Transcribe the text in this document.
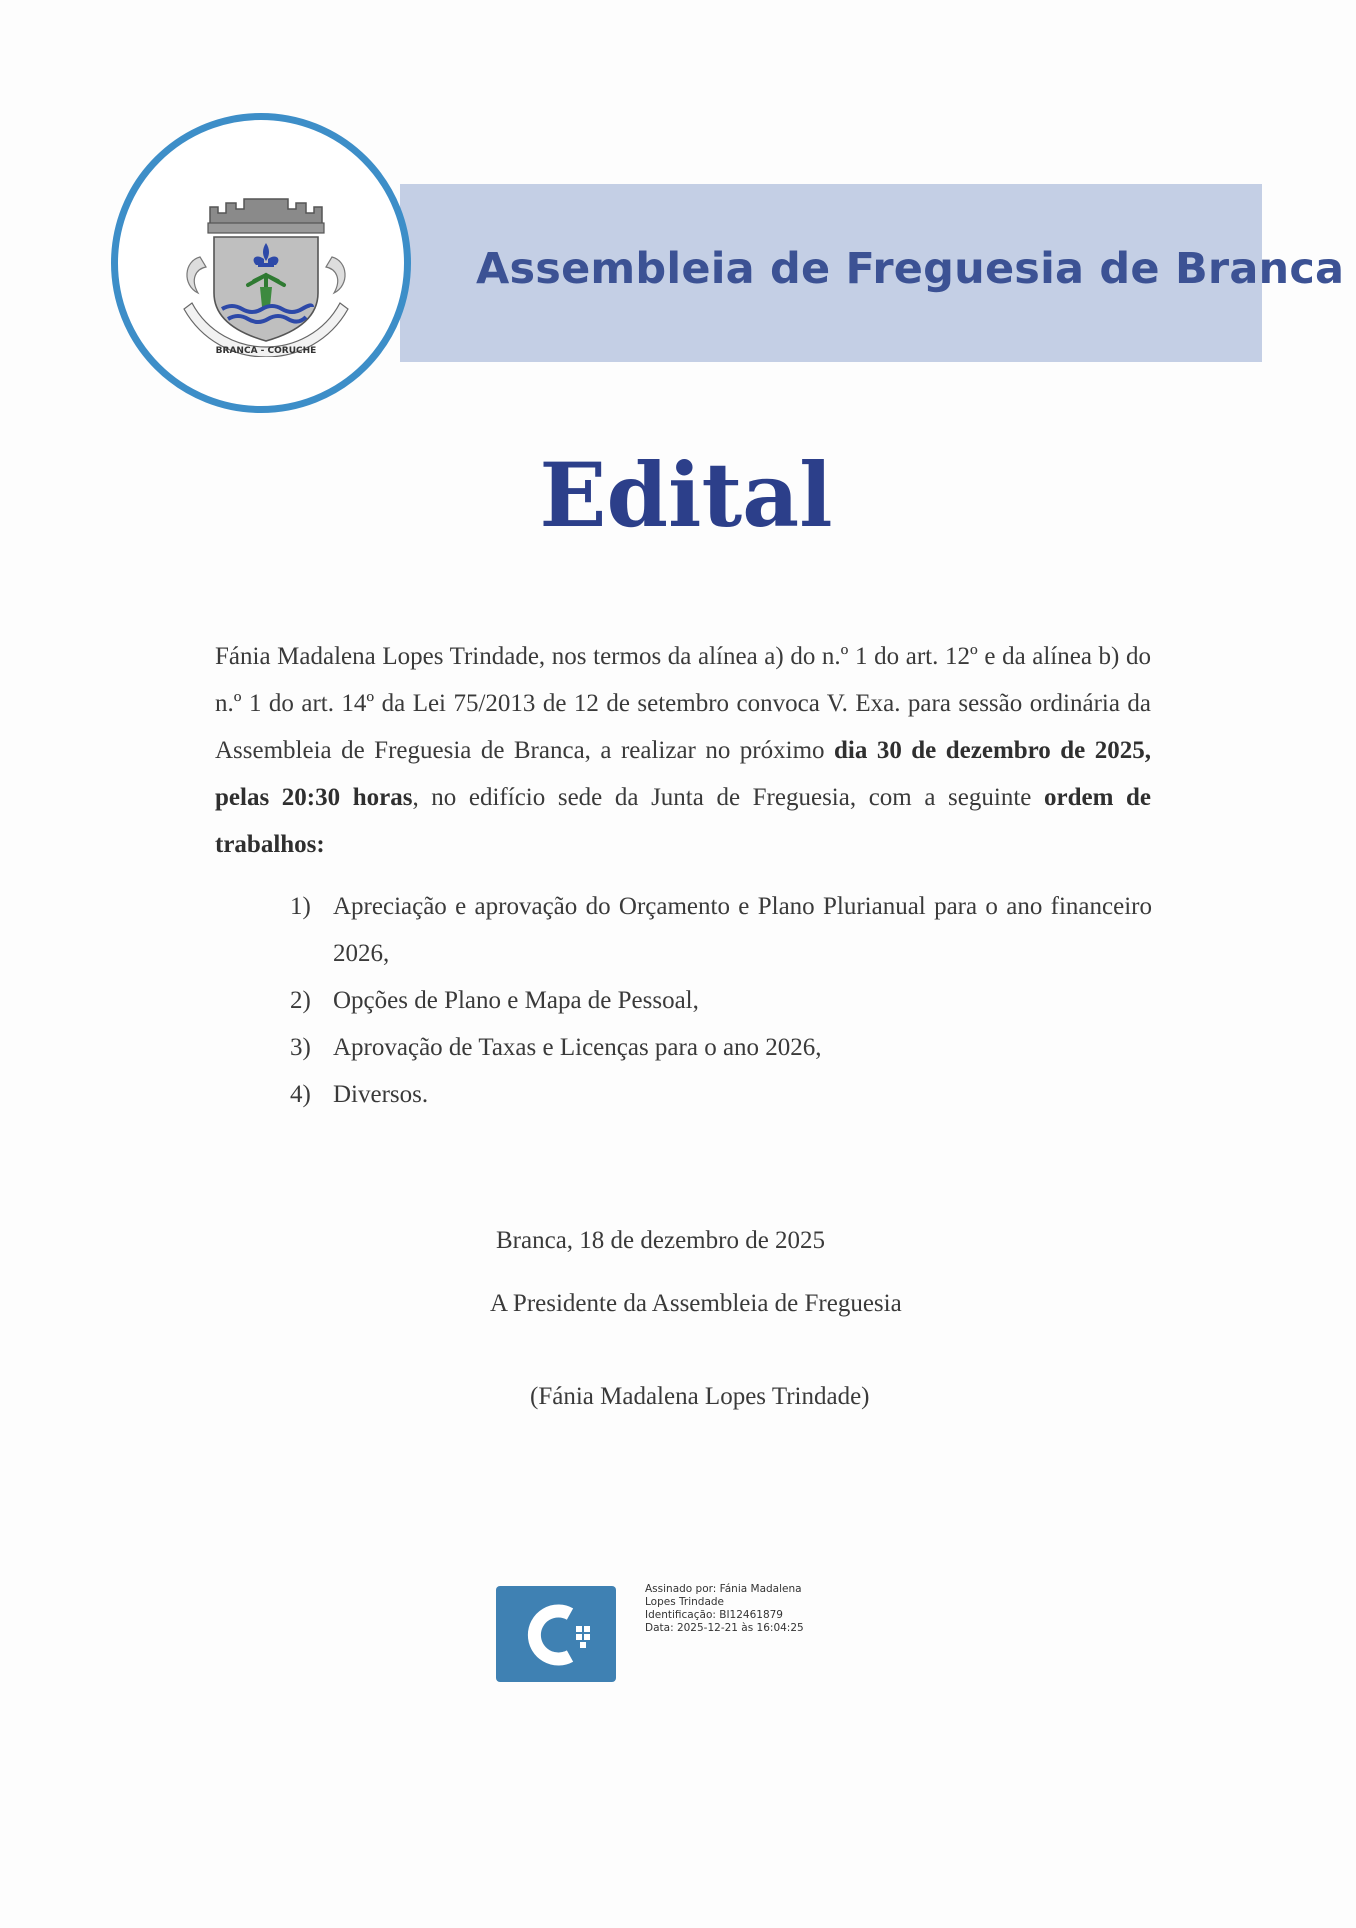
Assembleia de Freguesia de Branca
BRANCA - CORUCHE
Edital
Fánia Madalena Lopes Trindade, nos termos da alínea a) do n.º 1 do art. 12º e da alínea b) do n.º 1 do art. 14º da Lei 75/2013 de 12 de setembro convoca V. Exa. para sessão ordinária da Assembleia de Freguesia de Branca, a realizar no próximo dia 30 de dezembro de 2025, pelas 20:30 horas, no edifício sede da Junta de Freguesia, com a seguinte ordem de trabalhos:
1) Apreciação e aprovação do Orçamento e Plano Plurianual para o ano financeiro 2026,
2) Opções de Plano e Mapa de Pessoal,
3) Aprovação de Taxas e Licenças para o ano 2026,
4) Diversos.
Branca, 18 de dezembro de 2025
A Presidente da Assembleia de Freguesia
(Fánia Madalena Lopes Trindade)
Assinado por: Fánia Madalena
Lopes Trindade
Identificação: BI12461879
Data: 2025-12-21 às 16:04:25
